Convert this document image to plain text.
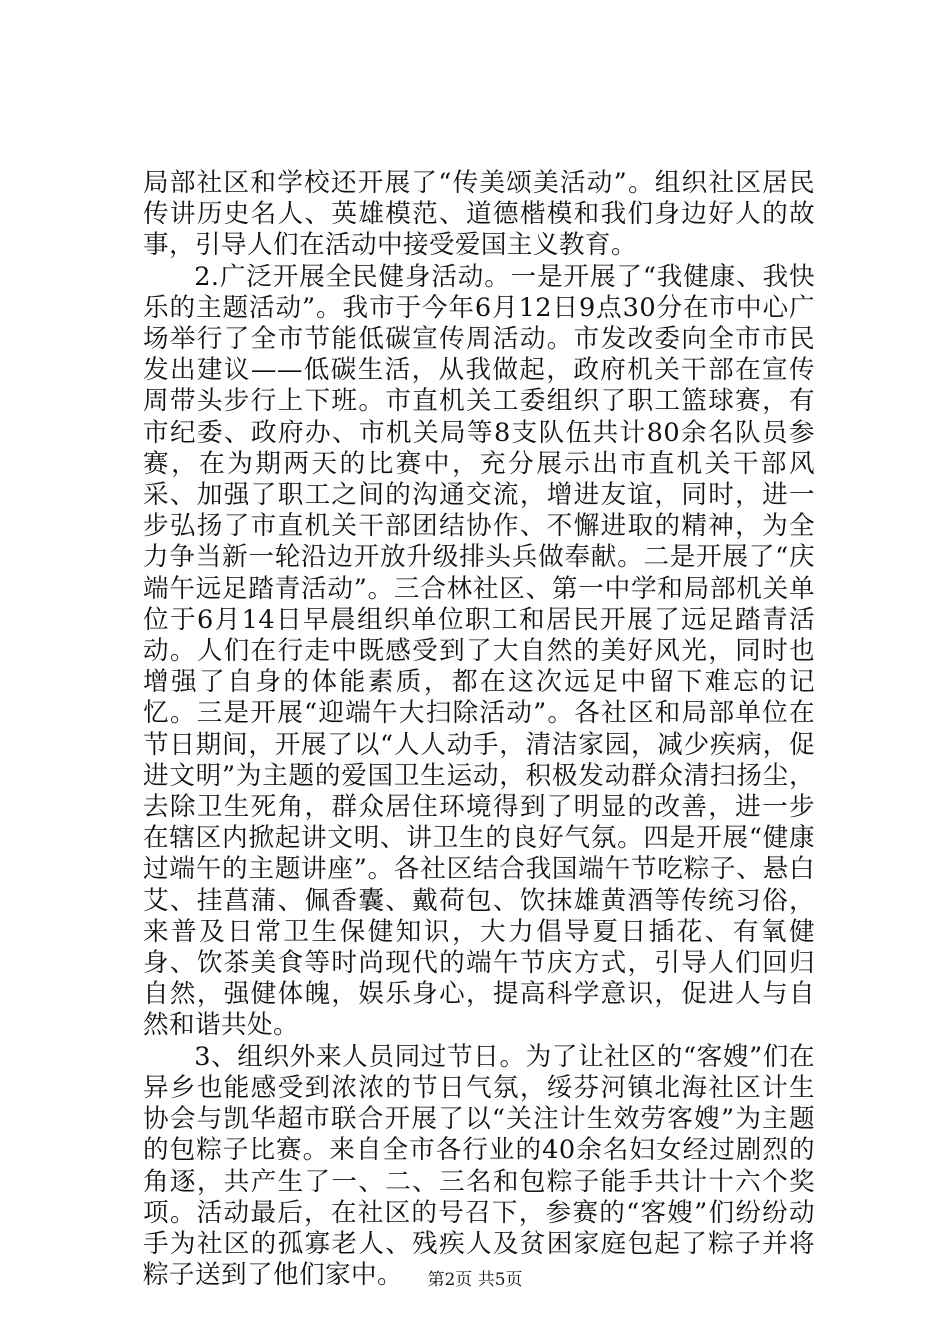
局部社区和学校还开展了“传美颂美活动”。组织社区居民传讲历史名人、英雄模范、道德楷模和我们身边好人的故事，引导人们在活动中接受爱国主义教育。

2.广泛开展全民健身活动。一是开展了“我健康、我快乐的主题活动”。我市于今年6月12日9点30分在市中心广场举行了全市节能低碳宣传周活动。市发改委向全市市民发出建议——低碳生活，从我做起，政府机关干部在宣传周带头步行上下班。市直机关工委组织了职工篮球赛，有市纪委、政府办、市机关局等8支队伍共计80余名队员参赛，在为期两天的比赛中，充分展示出市直机关干部风采、加强了职工之间的沟通交流，增进友谊，同时，进一步弘扬了市直机关干部团结协作、不懈进取的精神，为全力争当新一轮沿边开放升级排头兵做奉献。二是开展了“庆端午远足踏青活动”。三合林社区、第一中学和局部机关单位于6月14日早晨组织单位职工和居民开展了远足踏青活动。人们在行走中既感受到了大自然的美好风光，同时也增强了自身的体能素质，都在这次远足中留下难忘的记忆。三是开展“迎端午大扫除活动”。各社区和局部单位在节日期间，开展了以“人人动手，清洁家园，减少疾病，促进文明”为主题的爱国卫生运动，积极发动群众清扫扬尘，去除卫生死角，群众居住环境得到了明显的改善，进一步在辖区内掀起讲文明、讲卫生的良好气氛。四是开展“健康过端午的主题讲座”。各社区结合我国端午节吃粽子、悬白艾、挂菖蒲、佩香囊、戴荷包、饮抹雄黄酒等传统习俗，来普及日常卫生保健知识，大力倡导夏日插花、有氧健身、饮茶美食等时尚现代的端午节庆方式，引导人们回归自然，强健体魄，娱乐身心，提高科学意识，促进人与自然和谐共处。

3、组织外来人员同过节日。为了让社区的“客嫂”们在异乡也能感受到浓浓的节日气氛，绥芬河镇北海社区计生协会与凯华超市联合开展了以“关注计生效劳客嫂”为主题的包粽子比赛。来自全市各行业的40余名妇女经过剧烈的角逐，共产生了一、二、三名和包粽子能手共计十六个奖项。活动最后，在社区的号召下，参赛的“客嫂”们纷纷动手为社区的孤寡老人、残疾人及贫困家庭包起了粽子并将粽子送到了他们家中。	第2页 共5页
